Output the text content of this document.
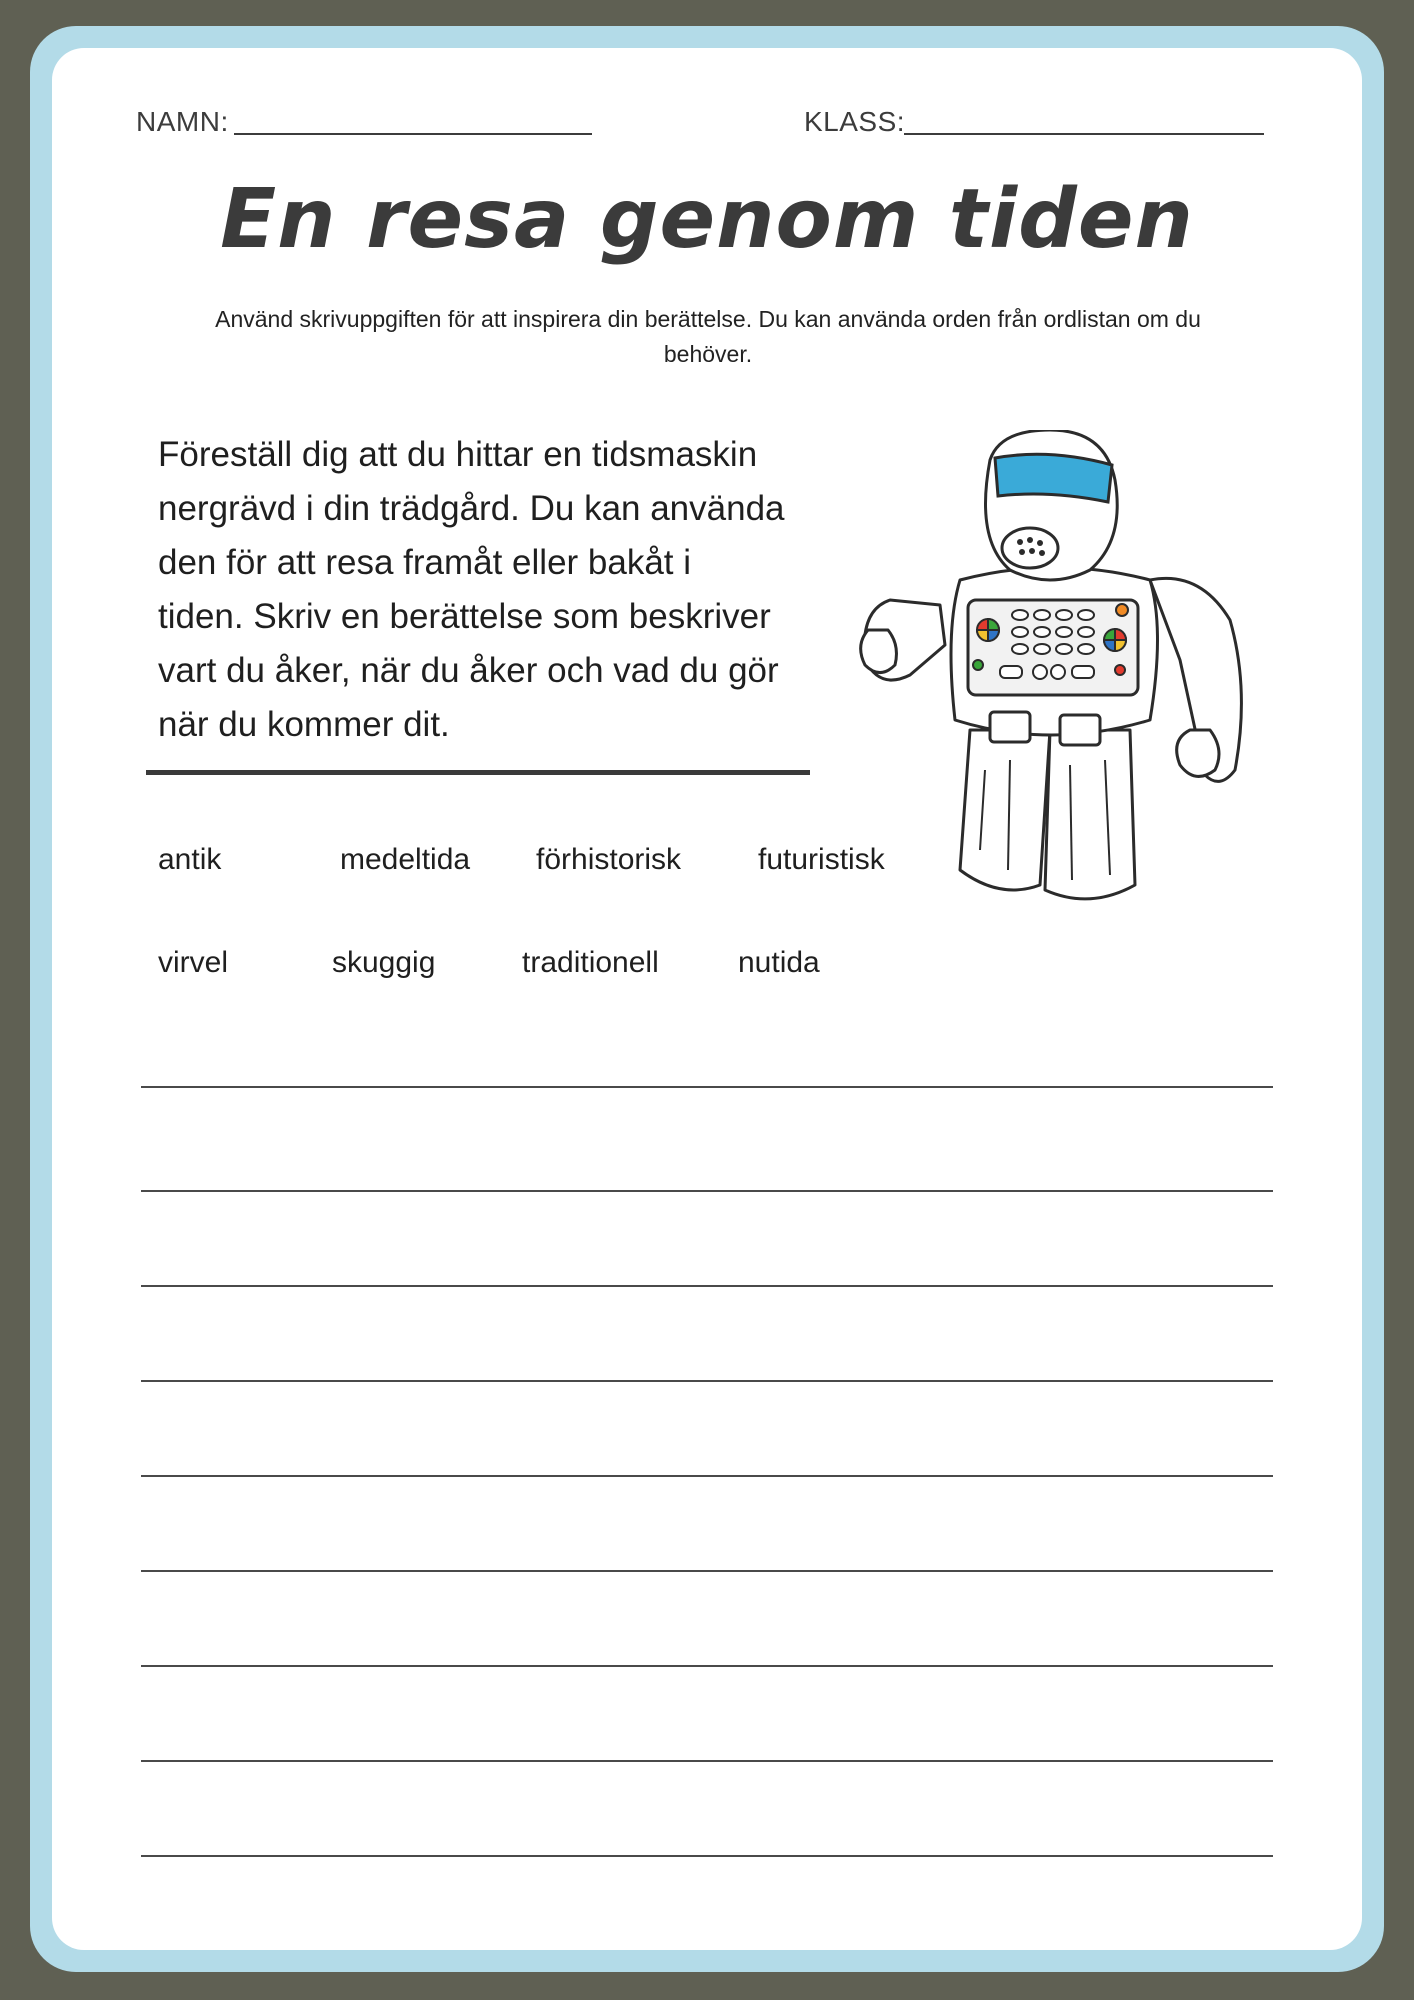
NAMN:	KLASS:
En resa genom tiden
Använd skrivuppgiften för att inspirera din berättelse. Du kan använda orden från ordlistan om du behöver.
Föreställ dig att du hittar en tidsmaskin
nergrävd i din trädgård. Du kan använda
den för att resa framåt eller bakåt i
tiden. Skriv en berättelse som beskriver
vart du åker, när du åker och vad du gör
när du kommer dit.
antik	medeltida förhistorisk	futuristisk
virvel	skuggig	traditionell	nutida
